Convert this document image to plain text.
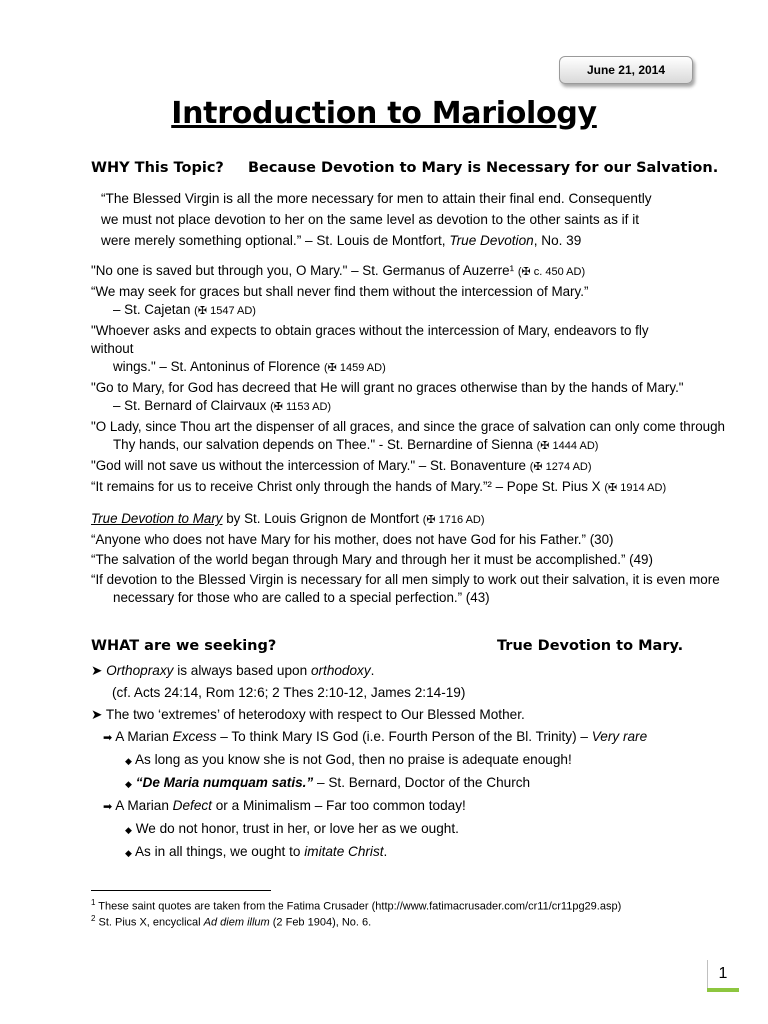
June 21, 2014
Introduction to Mariology
WHY This Topic? Because Devotion to Mary is Necessary for our Salvation.
“The Blessed Virgin is all the more necessary for men to attain their final end. Consequently
we must not place devotion to her on the same level as devotion to the other saints as if it
were merely something optional.” – St. Louis de Montfort, True Devotion, No. 39
"No one is saved but through you, O Mary." – St. Germanus of Auzerre¹ (✠ c. 450 AD)
“We may seek for graces but shall never find them without the intercession of Mary.”
– St. Cajetan (✠ 1547 AD)
"Whoever asks and expects to obtain graces without the intercession of Mary, endeavors to fly without
wings." – St. Antoninus of Florence (✠ 1459 AD)
"Go to Mary, for God has decreed that He will grant no graces otherwise than by the hands of Mary."
– St. Bernard of Clairvaux (✠ 1153 AD)
"O Lady, since Thou art the dispenser of all graces, and since the grace of salvation can only come through
Thy hands, our salvation depends on Thee." - St. Bernardine of Sienna (✠ 1444 AD)
"God will not save us without the intercession of Mary." – St. Bonaventure (✠ 1274 AD)
“It remains for us to receive Christ only through the hands of Mary.”² – Pope St. Pius X (✠ 1914 AD)
True Devotion to Mary by St. Louis Grignon de Montfort (✠ 1716 AD)
“Anyone who does not have Mary for his mother, does not have God for his Father.” (30)
“The salvation of the world began through Mary and through her it must be accomplished.” (49)
“If devotion to the Blessed Virgin is necessary for all men simply to work out their salvation, it is even more
necessary for those who are called to a special perfection.” (43)
WHAT are we seeking?	True Devotion to Mary.
➤ Orthopraxy is always based upon orthodoxy.
(cf. Acts 24:14, Rom 12:6; 2 Thes 2:10-12, James 2:14-19)
➤ The two ‘extremes’ of heterodoxy with respect to Our Blessed Mother.
➡ A Marian Excess – To think Mary IS God (i.e. Fourth Person of the Bl. Trinity) – Very rare
◆ As long as you know she is not God, then no praise is adequate enough!
◆ “De Maria numquam satis.” – St. Bernard, Doctor of the Church
➡ A Marian Defect or a Minimalism – Far too common today!
◆ We do not honor, trust in her, or love her as we ought.
◆ As in all things, we ought to imitate Christ.
$^1$ These saint quotes are taken from the Fatima Crusader (http://www.fatimacrusader.com/cr11/cr11pg29.asp)
$^2$ St. Pius X, encyclical Ad diem illum (2 Feb 1904), No. 6.
1
